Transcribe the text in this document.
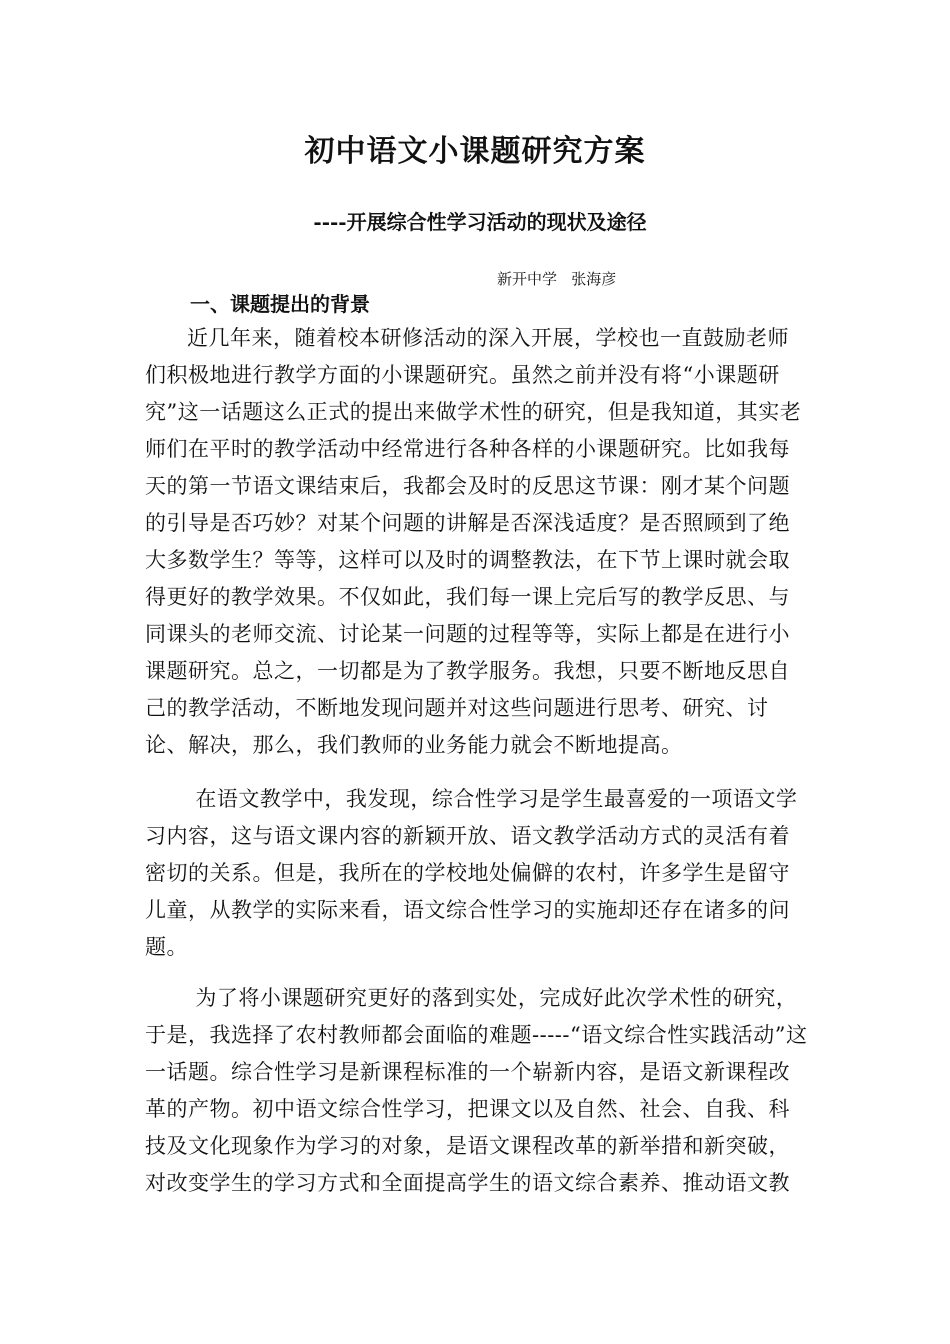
初中语文小课题研究方案
----开展综合性学习活动的现状及途径
新开中学   张海彦
一、课题提出的背景

近几年来，随着校本研修活动的深入开展，学校也一直鼓励老师们积极地进行教学方面的小课题研究。虽然之前并没有将“小课题研究”这一话题这么正式的提出来做学术性的研究，但是我知道，其实老师们在平时的教学活动中经常进行各种各样的小课题研究。比如我每天的第一节语文课结束后，我都会及时的反思这节课：刚才某个问题的引导是否巧妙？对某个问题的讲解是否深浅适度？是否照顾到了绝大多数学生？等等，这样可以及时的调整教法，在下节上课时就会取得更好的教学效果。不仅如此，我们每一课上完后写的教学反思、与同课头的老师交流、讨论某一问题的过程等等，实际上都是在进行小课题研究。总之，一切都是为了教学服务。我想，只要不断地反思自己的教学活动，不断地发现问题并对这些问题进行思考、研究、讨论、解决，那么，我们教师的业务能力就会不断地提高。

在语文教学中，我发现，综合性学习是学生最喜爱的一项语文学习内容，这与语文课内容的新颖开放、语文教学活动方式的灵活有着密切的关系。但是，我所在的学校地处偏僻的农村，许多学生是留守儿童，从教学的实际来看，语文综合性学习的实施却还存在诸多的问题。

为了将小课题研究更好的落到实处，完成好此次学术性的研究，于是，我选择了农村教师都会面临的难题-----“语文综合性实践活动”这一话题。综合性学习是新课程标准的一个崭新内容，是语文新课程改革的产物。初中语文综合性学习，把课文以及自然、社会、自我、科技及文化现象作为学习的对象，是语文课程改革的新举措和新突破，对改变学生的学习方式和全面提高学生的语文综合素养、推动语文教
